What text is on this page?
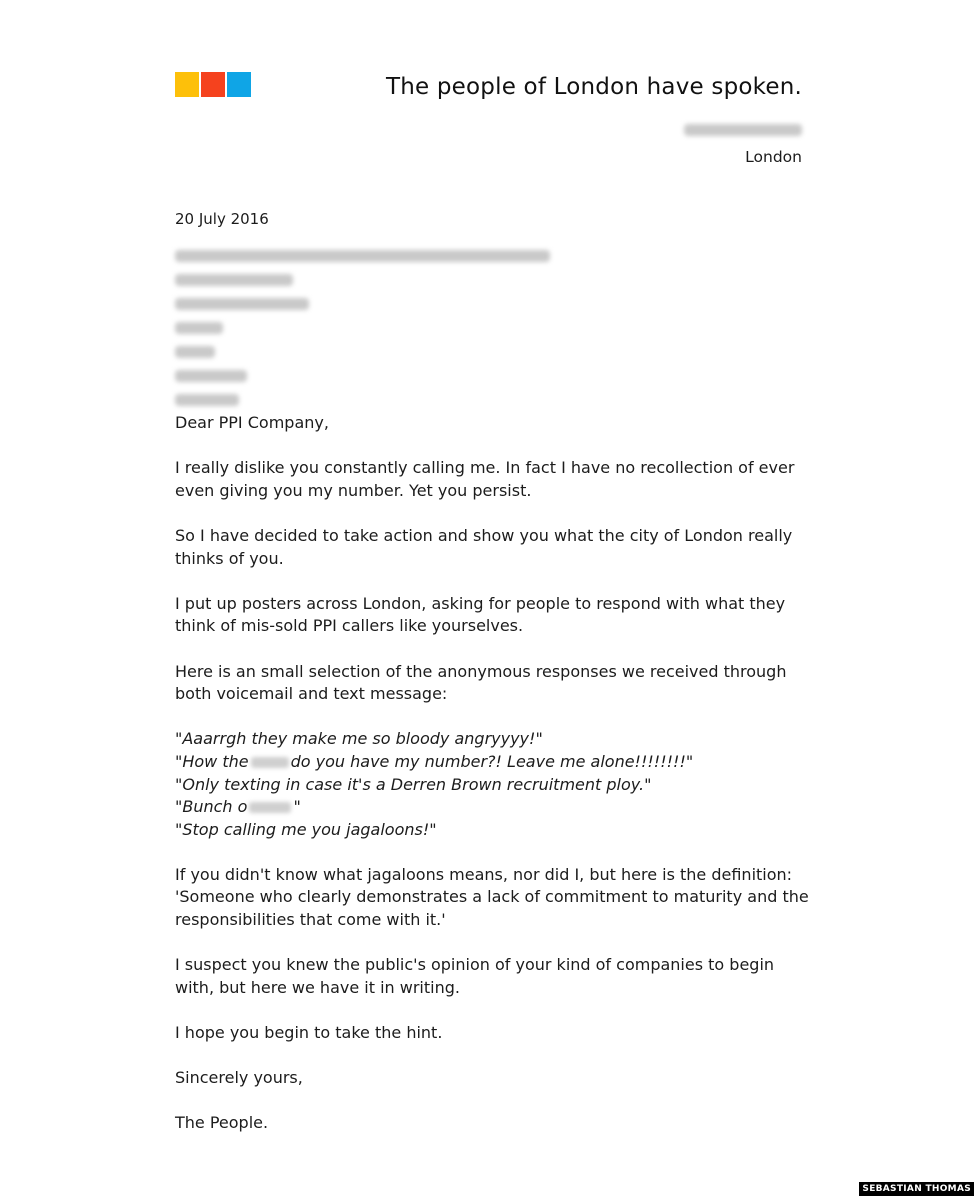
The people of London have spoken.

London
20 July 2016

Dear PPI Company,

I really dislike you constantly calling me. In fact I have no recollection of ever even giving you my number. Yet you persist.

So I have decided to take action and show you what the city of London really thinks of you.

I put up posters across London, asking for people to respond with what they think of mis-sold PPI callers like yourselves.

Here is an small selection of the anonymous responses we received through both voicemail and text message:

"Aaarrgh they make me so bloody angryyyy!"
"How the	do you have my number?! Leave me alone!!!!!!!!"
"Only texting in case it's a Derren Brown recruitment ploy."
"Bunch o	"
"Stop calling me you jagaloons!"

If you didn't know what jagaloons means, nor did I, but here is the definition: 'Someone who clearly demonstrates a lack of commitment to maturity and the responsibilities that come with it.'

I suspect you knew the public's opinion of your kind of companies to begin with, but here we have it in writing.

I hope you begin to take the hint.

Sincerely yours,

The People.

SEBASTIAN THOMAS
